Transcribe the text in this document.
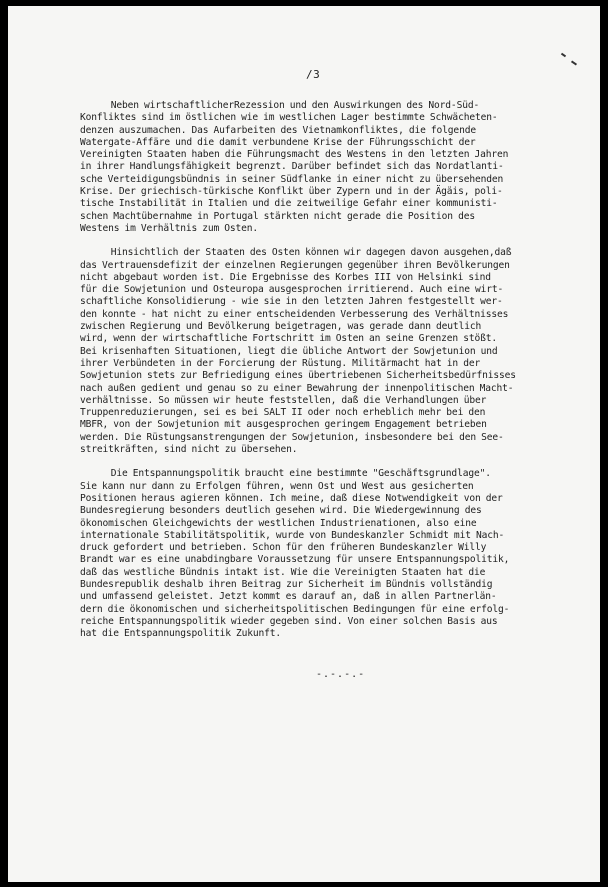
/3
Neben wirtschaftlicherRezession und den Auswirkungen des Nord-Süd-
Konfliktes sind im östlichen wie im westlichen Lager bestimmte Schwächeten-
denzen auszumachen. Das Aufarbeiten des Vietnamkonfliktes, die folgende
Watergate-Affäre und die damit verbundene Krise der Führungsschicht der
Vereinigten Staaten haben die Führungsmacht des Westens in den letzten Jahren
in ihrer Handlungsfähigkeit begrenzt. Darüber befindet sich das Nordatlanti-
sche Verteidigungsbündnis in seiner Südflanke in einer nicht zu übersehenden
Krise. Der griechisch-türkische Konflikt über Zypern und in der Ägäis, poli-
tische Instabilität in Italien und die zeitweilige Gefahr einer kommunisti-
schen Machtübernahme in Portugal stärkten nicht gerade die Position des
Westens im Verhältnis zum Osten.
Hinsichtlich der Staaten des Osten können wir dagegen davon ausgehen,daß
das Vertrauensdefizit der einzelnen Regierungen gegenüber ihren Bevölkerungen
nicht abgebaut worden ist. Die Ergebnisse des Korbes III von Helsinki sind
für die Sowjetunion und Osteuropa ausgesprochen irritierend. Auch eine wirt-
schaftliche Konsolidierung - wie sie in den letzten Jahren festgestellt wer-
den konnte - hat nicht zu einer entscheidenden Verbesserung des Verhältnisses
zwischen Regierung und Bevölkerung beigetragen, was gerade dann deutlich
wird, wenn der wirtschaftliche Fortschritt im Osten an seine Grenzen stößt.
Bei krisenhaften Situationen, liegt die übliche Antwort der Sowjetunion und
ihrer Verbündeten in der Forcierung der Rüstung. Militärmacht hat in der
Sowjetunion stets zur Befriedigung eines übertriebenen Sicherheitsbedürfnisses
nach außen gedient und genau so zu einer Bewahrung der innenpolitischen Macht-
verhältnisse. So müssen wir heute feststellen, daß die Verhandlungen über
Truppenreduzierungen, sei es bei SALT II oder noch erheblich mehr bei den
MBFR, von der Sowjetunion mit ausgesprochen geringem Engagement betrieben
werden. Die Rüstungsanstrengungen der Sowjetunion, insbesondere bei den See-
streitkräften, sind nicht zu übersehen.
Die Entspannungspolitik braucht eine bestimmte "Geschäftsgrundlage".
Sie kann nur dann zu Erfolgen führen, wenn Ost und West aus gesicherten
Positionen heraus agieren können. Ich meine, daß diese Notwendigkeit von der
Bundesregierung besonders deutlich gesehen wird. Die Wiedergewinnung des
ökonomischen Gleichgewichts der westlichen Industrienationen, also eine
internationale Stabilitätspolitik, wurde von Bundeskanzler Schmidt mit Nach-
druck gefordert und betrieben. Schon für den früheren Bundeskanzler Willy
Brandt war es eine unabdingbare Voraussetzung für unsere Entspannungspolitik,
daß das westliche Bündnis intakt ist. Wie die Vereinigten Staaten hat die
Bundesrepublik deshalb ihren Beitrag zur Sicherheit im Bündnis vollständig
und umfassend geleistet. Jetzt kommt es darauf an, daß in allen Partnerlän-
dern die ökonomischen und sicherheitspolitischen Bedingungen für eine erfolg-
reiche Entspannungspolitik wieder gegeben sind. Von einer solchen Basis aus
hat die Entspannungspolitik Zukunft.
-.-.-.-
